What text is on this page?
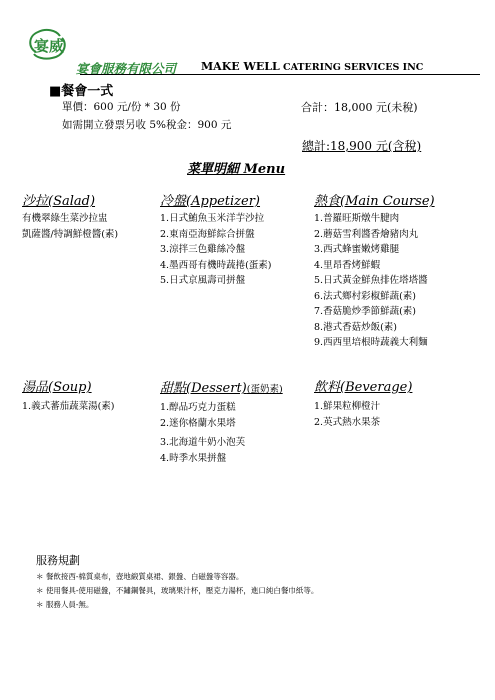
宴威
宴會服務有限公司 MAKE WELL CATERING SERVICES INC
■餐會一式
單價：600 元/份 * 30 份	合計：18,000 元(未稅)
如需開立發票另收 5%稅金：900 元
總計:18,900 元(含稅)
菜單明細 Menu
沙拉(Salad)
有機翠綠生菜沙拉盅
凱薩醬/特調鮮橙醬(素)
冷盤(Appetizer)
1.日式鮪魚玉米洋芋沙拉
2.東南亞海鮮綜合拼盤
3.涼拌三色雞絲冷盤
4.墨西哥有機時蔬捲(蛋素)
5.日式京風壽司拼盤
熱食(Main Course)
1.普羅旺斯燉牛腱肉
2.蘑菇雪利醬香燴豬肉丸
3.西式蜂蜜嫩烤雞腿
4.里昂香烤鮮蝦
5.日式黃金鮮魚排佐塔塔醬
6.法式鄉村彩椒鮮蔬(素)
7.香菇脆炒季節鮮蔬(素)
8.港式香菇炒飯(素)
9.西西里培根時蔬義大利麵
湯品(Soup)
1.義式蕃茄蔬菜湯(素)
甜點(Dessert)(蛋奶素)
1.醇品巧克力蛋糕
2.迷你格蘭水果塔
3.北海道牛奶小泡芙
4.時季水果拼盤
飲料(Beverage)
1.鮮果粒柳橙汁
2.英式熱水果茶
服務規劃
＊ 餐飲接西-棉質桌布，壺地緞質桌裙、銀盤、白磁盤等容器。
＊ 使用餐具-使用磁盤，不鏽鋼餐具，玻璃果汁杯，壓克力湯杯，進口純白餐巾紙等。
＊ 服務人員-無。
